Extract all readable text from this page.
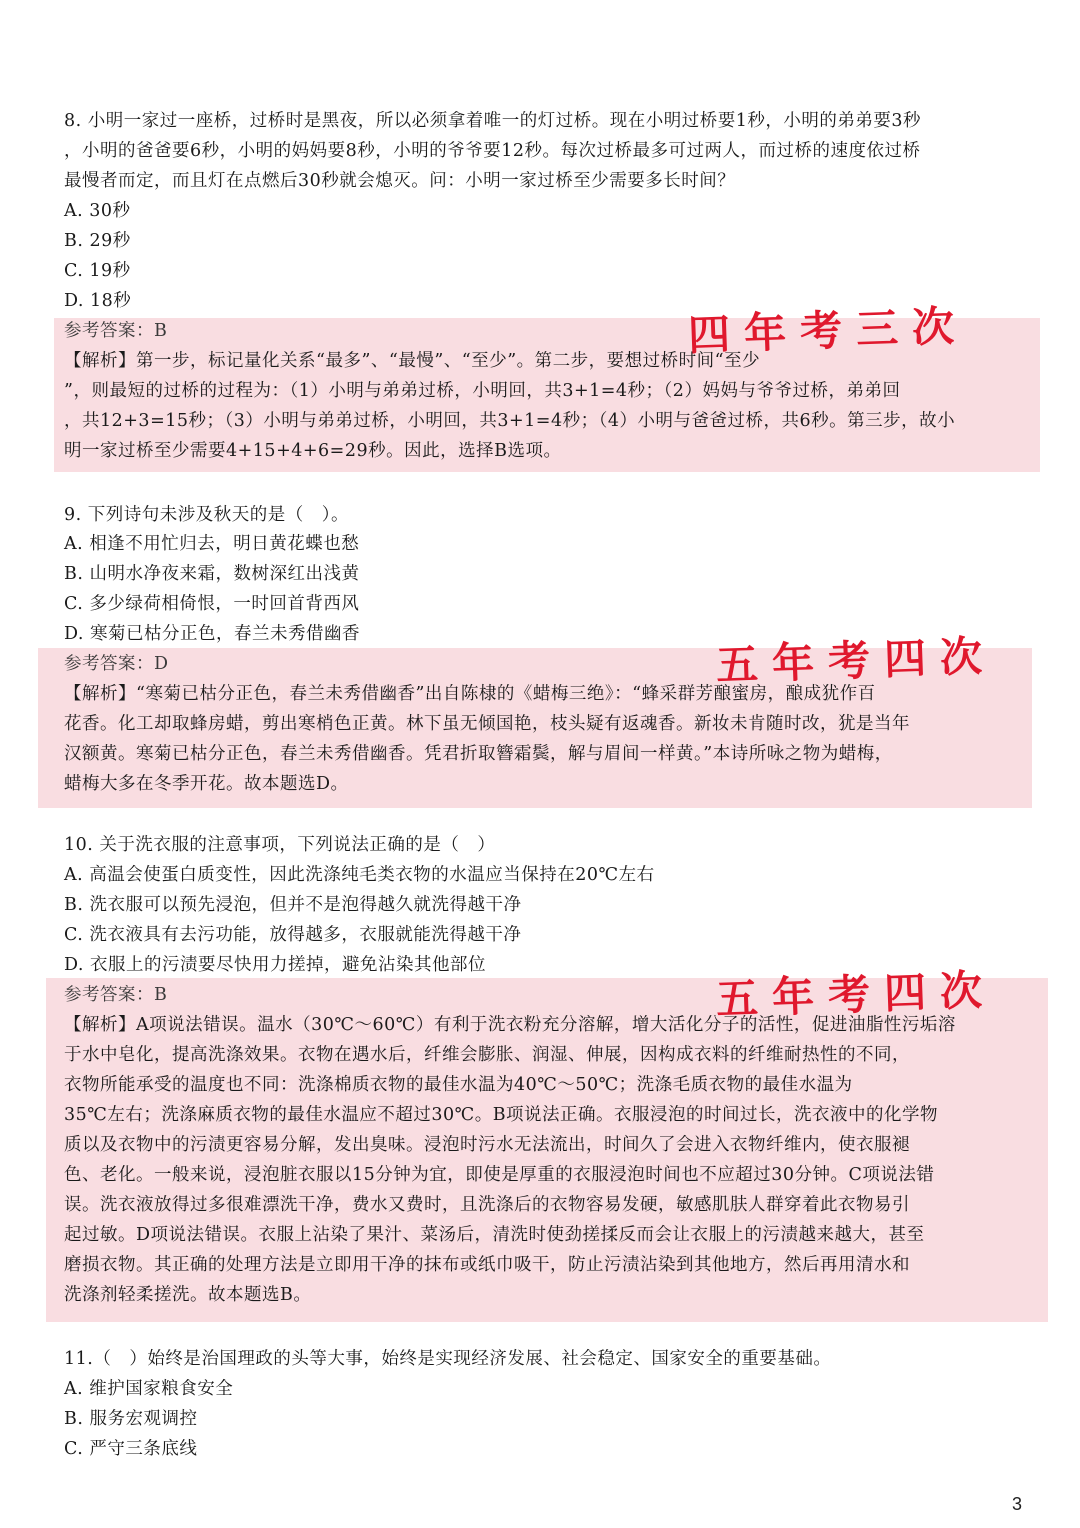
8. 小明一家过一座桥，过桥时是黑夜，所以必须拿着唯一的灯过桥。现在小明过桥要1秒，小明的弟弟要3秒

，小明的爸爸要6秒，小明的妈妈要8秒，小明的爷爷要12秒。每次过桥最多可过两人，而过桥的速度依过桥

最慢者而定，而且灯在点燃后30秒就会熄灭。问：小明一家过桥至少需要多长时间？

A. 30秒

B. 29秒

C. 19秒

D. 18秒

参考答案：B

【解析】第一步，标记量化关系“最多”、“最慢”、“至少”。第二步，要想过桥时间“至少

”，则最短的过桥的过程为：（1）小明与弟弟过桥，小明回，共3+1=4秒；（2）妈妈与爷爷过桥，弟弟回

，共12+3=15秒；（3）小明与弟弟过桥，小明回，共3+1=4秒；（4）小明与爸爸过桥，共6秒。第三步，故小

明一家过桥至少需要4+15+4+6=29秒。因此，选择B选项。

四年考三次

9. 下列诗句未涉及秋天的是（　）。

A. 相逢不用忙归去，明日黄花蝶也愁

B. 山明水净夜来霜，数树深红出浅黄

C. 多少绿荷相倚恨，一时回首背西风

D. 寒菊已枯分正色，春兰未秀借幽香

参考答案：D

【解析】“寒菊已枯分正色，春兰未秀借幽香”出自陈棣的《蜡梅三绝》：“蜂采群芳酿蜜房，酿成犹作百

花香。化工却取蜂房蜡，剪出寒梢色正黄。林下虽无倾国艳，枝头疑有返魂香。新妆未肯随时改，犹是当年

汉额黄。寒菊已枯分正色，春兰未秀借幽香。凭君折取簪霜鬓，解与眉间一样黄。”本诗所咏之物为蜡梅，

蜡梅大多在冬季开花。故本题选D。

五年考四次

10. 关于洗衣服的注意事项，下列说法正确的是（　）

A. 高温会使蛋白质变性，因此洗涤纯毛类衣物的水温应当保持在20℃左右

B. 洗衣服可以预先浸泡，但并不是泡得越久就洗得越干净

C. 洗衣液具有去污功能，放得越多，衣服就能洗得越干净

D. 衣服上的污渍要尽快用力搓掉，避免沾染其他部位

参考答案：B

【解析】A项说法错误。温水（30℃～60℃）有利于洗衣粉充分溶解，增大活化分子的活性，促进油脂性污垢溶

于水中皂化，提高洗涤效果。衣物在遇水后，纤维会膨胀、润湿、伸展，因构成衣料的纤维耐热性的不同，

衣物所能承受的温度也不同：洗涤棉质衣物的最佳水温为40℃～50℃；洗涤毛质衣物的最佳水温为

35℃左右；洗涤麻质衣物的最佳水温应不超过30℃。B项说法正确。衣服浸泡的时间过长，洗衣液中的化学物

质以及衣物中的污渍更容易分解，发出臭味。浸泡时污水无法流出，时间久了会进入衣物纤维内，使衣服褪

色、老化。一般来说，浸泡脏衣服以15分钟为宜，即使是厚重的衣服浸泡时间也不应超过30分钟。C项说法错

误。洗衣液放得过多很难漂洗干净，费水又费时，且洗涤后的衣物容易发硬，敏感肌肤人群穿着此衣物易引

起过敏。D项说法错误。衣服上沾染了果汁、菜汤后，清洗时使劲搓揉反而会让衣服上的污渍越来越大，甚至

磨损衣物。其正确的处理方法是立即用干净的抹布或纸巾吸干，防止污渍沾染到其他地方，然后再用清水和

洗涤剂轻柔搓洗。故本题选B。

五年考四次

11.（　）始终是治国理政的头等大事，始终是实现经济发展、社会稳定、国家安全的重要基础。

A. 维护国家粮食安全

B. 服务宏观调控

C. 严守三条底线

3
